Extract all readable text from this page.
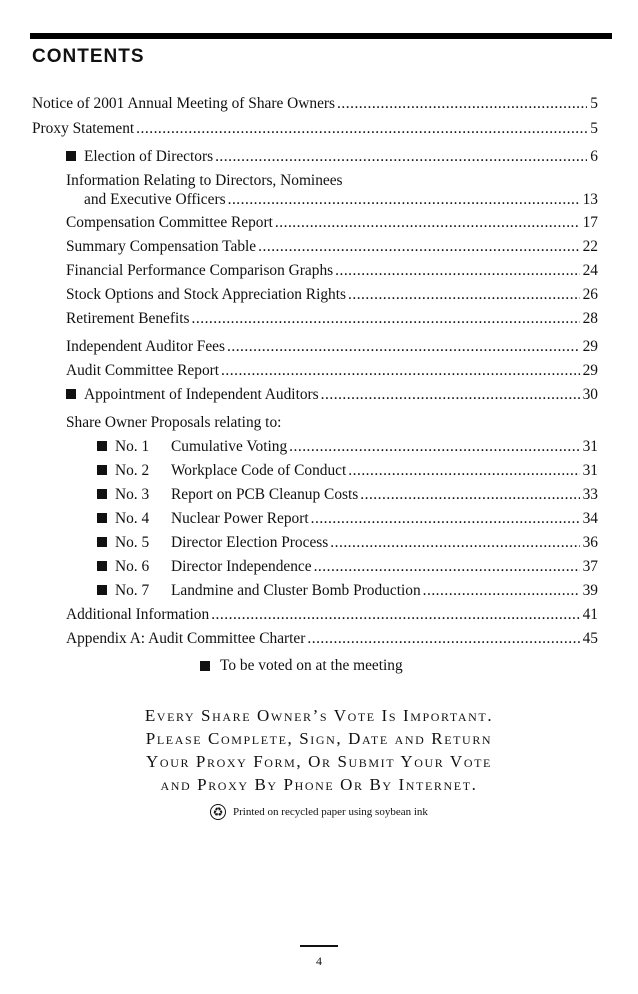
CONTENTS
Notice of 2001 Annual Meeting of Share Owners .....	5
Proxy Statement .....	5
Election of Directors .....	6
Information Relating to Directors, Nominees
and Executive Officers .....	13
Compensation Committee Report .....	17
Summary Compensation Table .....	22
Financial Performance Comparison Graphs .....	24
Stock Options and Stock Appreciation Rights .....	26
Retirement Benefits .....	28
Independent Auditor Fees .....	29
Audit Committee Report .....	29
Appointment of Independent Auditors .....	30
Share Owner Proposals relating to:
No. 1	Cumulative Voting .....	31
No. 2	Workplace Code of Conduct .....	31
No. 3	Report on PCB Cleanup Costs .....	33
No. 4	Nuclear Power Report .....	34
No. 5	Director Election Process .....	36
No. 6	Director Independence .....	37
No. 7	Landmine and Cluster Bomb Production .....	39
Additional Information .....	41
Appendix A: Audit Committee Charter .....	45
To be voted on at the meeting
Every Share Owner’s Vote Is Important.
Please Complete, Sign, Date and Return
Your Proxy Form, Or Submit Your Vote
and Proxy By Phone Or By Internet.
♻ Printed on recycled paper using soybean ink
4
